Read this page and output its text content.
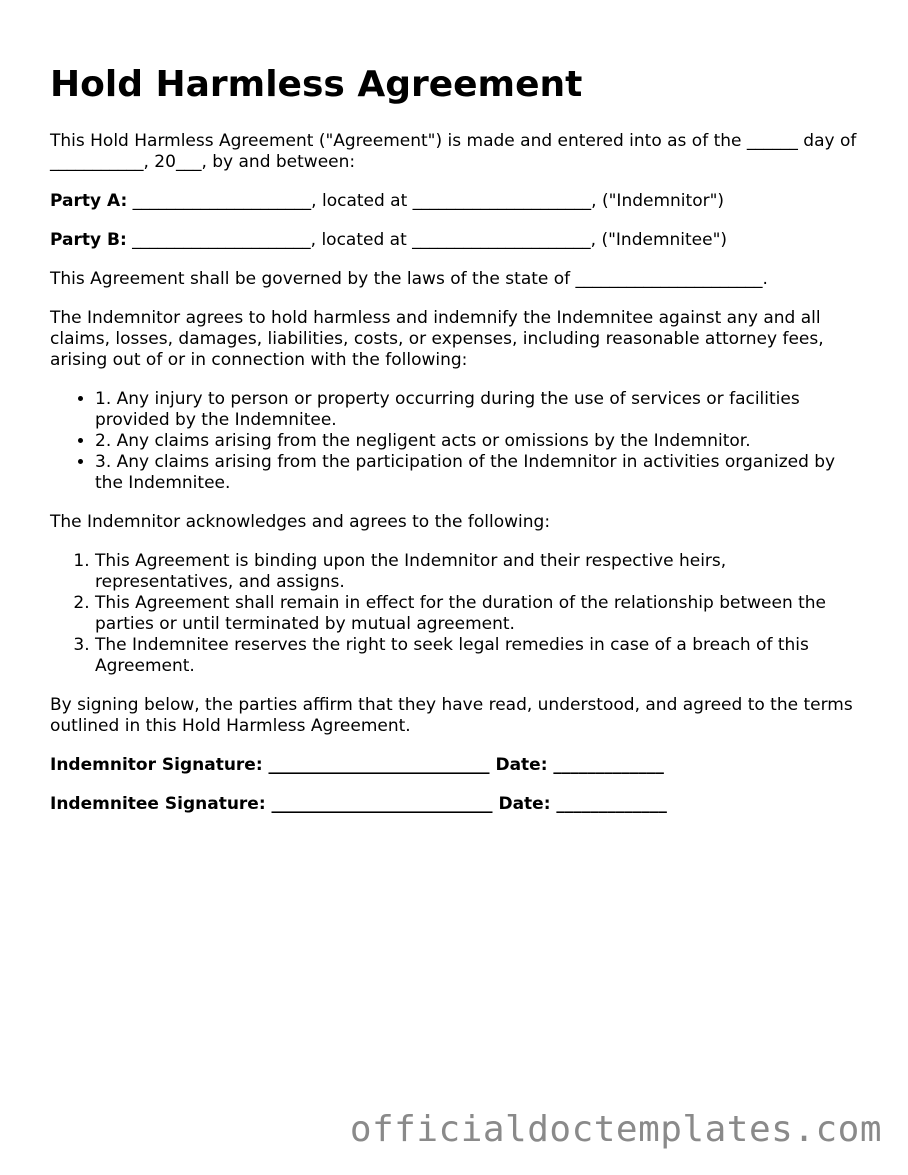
Hold Harmless Agreement

This Hold Harmless Agreement ("Agreement") is made and entered into as of the ______ day of ___________, 20___, by and between:

Party A: _____________________, located at _____________________, ("Indemnitor")

Party B: _____________________, located at _____________________, ("Indemnitee")

This Agreement shall be governed by the laws of the state of ______________________.

The Indemnitor agrees to hold harmless and indemnify the Indemnitee against any and all claims, losses, damages, liabilities, costs, or expenses, including reasonable attorney fees, arising out of or in connection with the following:

• 1. Any injury to person or property occurring during the use of services or facilities provided by the Indemnitee.
• 2. Any claims arising from the negligent acts or omissions by the Indemnitor.
• 3. Any claims arising from the participation of the Indemnitor in activities organized by the Indemnitee.

The Indemnitor acknowledges and agrees to the following:

1. This Agreement is binding upon the Indemnitor and their respective heirs, representatives, and assigns.
2. This Agreement shall remain in effect for the duration of the relationship between the parties or until terminated by mutual agreement.
3. The Indemnitee reserves the right to seek legal remedies in case of a breach of this Agreement.

By signing below, the parties affirm that they have read, understood, and agreed to the terms outlined in this Hold Harmless Agreement.

Indemnitor Signature: __________________________ Date: _____________

Indemnitee Signature: __________________________ Date: _____________

officialdoctemplates.com
